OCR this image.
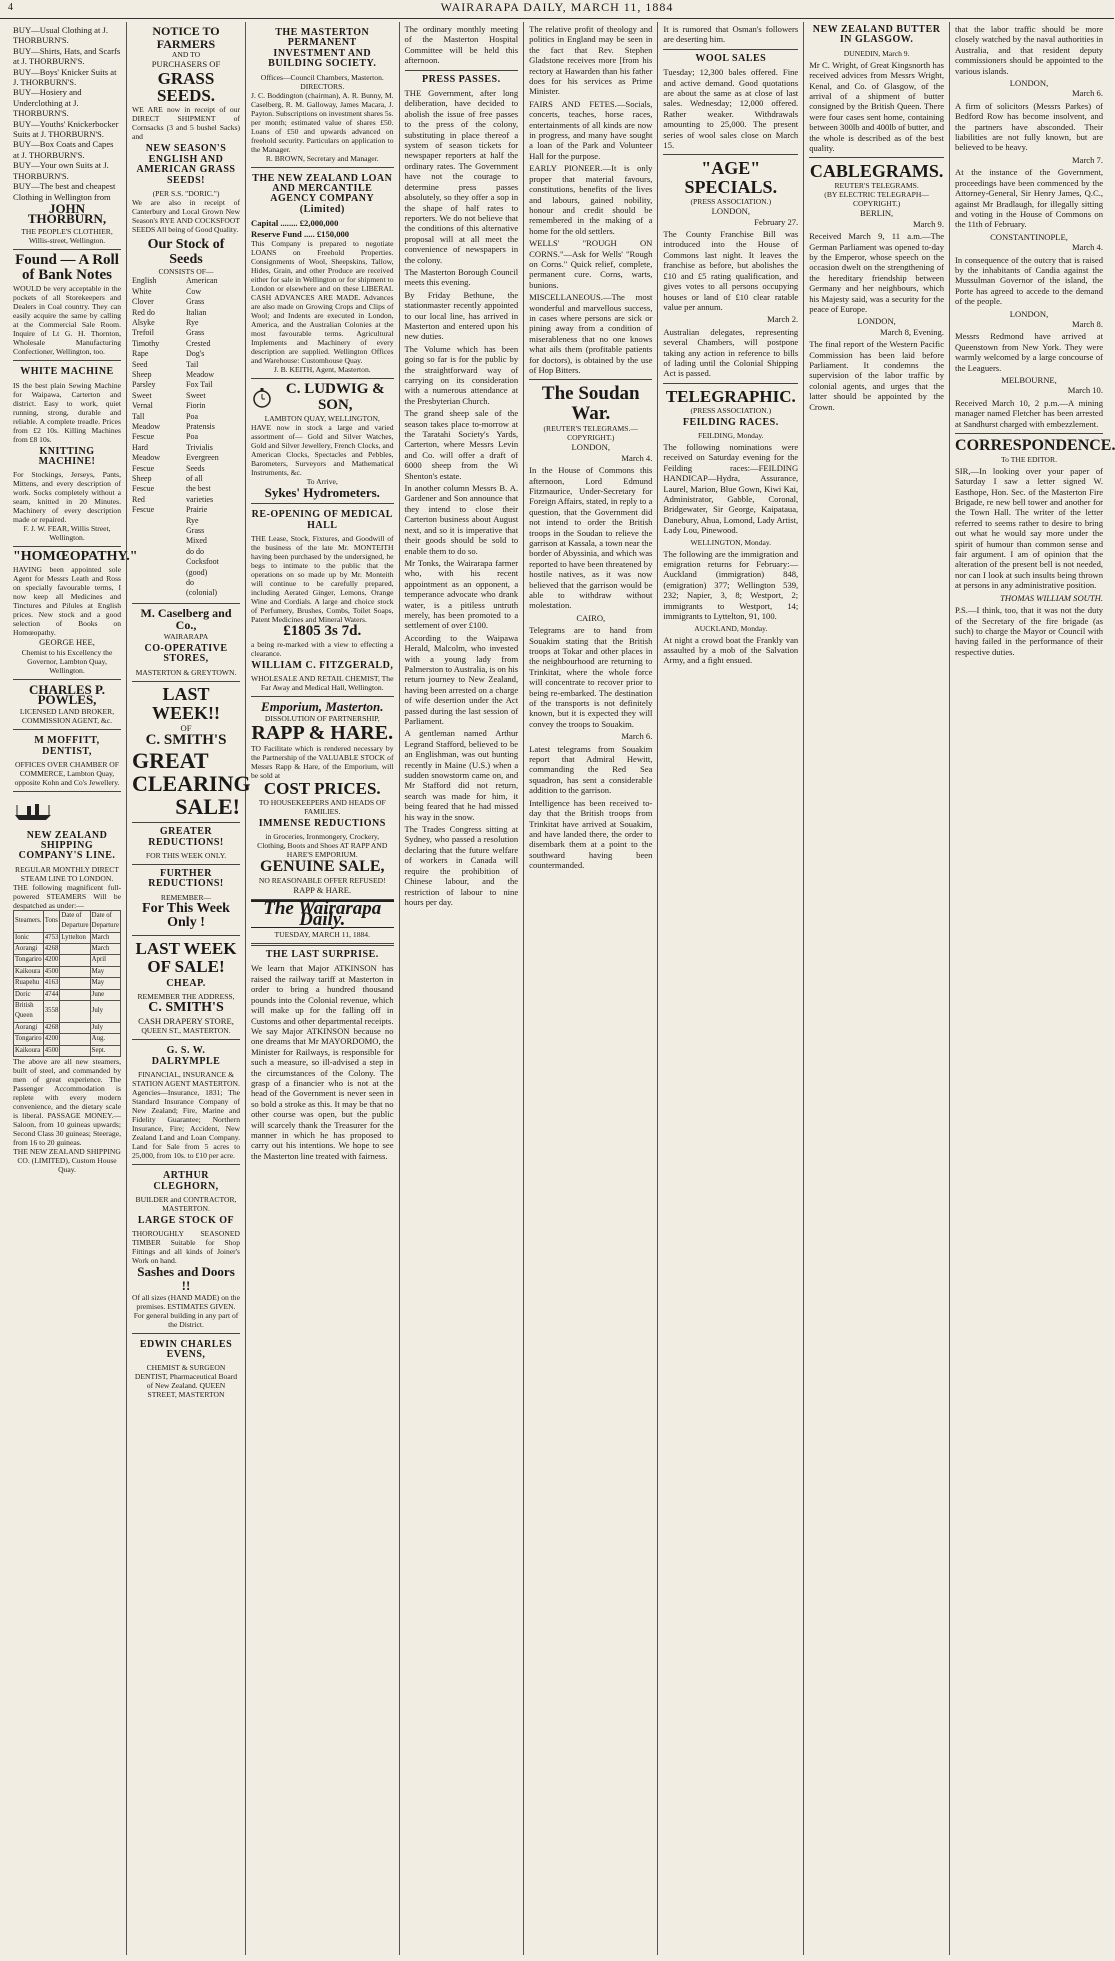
4	WAIRARAPA DAILY, MARCH 11, 1884
BUY—Usual Clothing at J. THORBURN'S.
BUY—Shirts, Hats, and Scarfs at J. THORBURN'S.
BUY—Boys' Knicker Suits at J. THORBURN'S.
BUY—Hosiery and Underclothing at J. THORBURN'S.
BUY—Youths' Knickerbocker Suits at J. THORBURN'S.
BUY—Box Coats and Capes at J. THORBURN'S.
BUY—Your own Suits at J. THORBURN'S.
BUY—The best and cheapest Clothing in Wellington from
JOHN THORBURN,
THE PEOPLE'S CLOTHIER,
Willis-street, Wellington.
Found — A Roll of Bank Notes
WOULD be very acceptable in the pockets of all Storekeepers and Dealers in Coal country. They can easily acquire the same by calling at the Commercial Sale Room. Inquire of Lt G. H. Thornton, Wholesale Manufacturing Confectioner, Wellington, too.
WHITE MACHINE
IS the best plain Sewing Machine for Waipawa, Carterton and district. Easy to work, quiet running, strong, durable and reliable. A complete treadle. Prices from £2 10s. Killing Machines from £8 10s.
KNITTING MACHINE!
For Stockings, Jerseys, Pants, Mittens, and every description of work. Socks completely without a seam, knitted in 20 Minutes. Machinery of every description made or repaired.
F. J. W. FEAR, Willis Street, Wellington.
"HOMŒOPATHY."
HAVING been appointed sole Agent for Messrs Leath and Ross on specially favourable terms, I now keep all Medicines and Tinctures and Pilules at English prices. New stock and a good selection of Books on Homœopathy.
GEORGE HEE,
Chemist to his Excellency the Governor, Lambton Quay, Wellington.
CHARLES P. POWLES,
LICENSED LAND BROKER, COMMISSION AGENT, &c.
M MOFFITT, DENTIST,
OFFICES OVER CHAMBER OF COMMERCE, Lambton Quay, opposite Kohn and Co's Jewellery.
NEW ZEALAND SHIPPING COMPANY'S LINE.
REGULAR MONTHLY DIRECT STEAM LINE TO LONDON.
THE following magnificent full-powered STEAMERS Will be despatched as under:—
Steamers.	Tons	Date of Departure	Date of Departure
Ionic	4753	Lyttelton	March
Aorangi	4268		March
Tongariro	4200		April
Kaikoura	4500		May
Ruapehu	4163		May
Doric	4744		June
British Queen	3558		July
Aorangi	4268		July
Tongariro	4200		Aug.
Kaikoura	4500		Sept.
The above are all new steamers, built of steel, and commanded by men of great experience. The Passenger Accommodation is replete with every modern convenience, and the dietary scale is liberal. PASSAGE MONEY.—Saloon, from 10 guineas upwards; Second Class 30 guineas; Steerage, from 16 to 20 guineas.
THE NEW ZEALAND SHIPPING CO. (LIMITED), Custom House Quay.
NOTICE TO FARMERS
AND TO
PURCHASERS OF
GRASS SEEDS.
WE ARE now in receipt of our DIRECT SHIPMENT of Cornsacks (3 and 5 bushel Sacks) and
NEW SEASON'S ENGLISH AND AMERICAN GRASS SEEDS!
(PER S.S. "DORIC.")
We are also in receipt of Canterbury and Local Grown New Season's RYE AND COCKSFOOT SEEDS All being of Good Quality.
Our Stock of Seeds
CONSISTS OF—
English White Clover
Red do
Alsyke
Trefoil
Timothy
Rape Seed
Sheep Parsley
Sweet Vernal
Tall Meadow Fescue
Hard Meadow Fescue
Sheep Fescue
Red Fescue
American Cow Grass
Italian Rye Grass
Crested Dog's Tail
Meadow Fox Tail
Sweet Fiorin
Poa Pratensis
Poa Trivialis
Evergreen Seeds of all the best varieties
Prairie Rye Grass
Mixed do do
Cocksfoot (good)
do (colonial)
M. Caselberg and Co.,
WAIRARAPA
CO-OPERATIVE STORES,
MASTERTON & GREYTOWN.
LAST WEEK!!
OF
C. SMITH'S
GREAT
CLEARING
SALE!
GREATER REDUCTIONS!
FOR THIS WEEK ONLY.
FURTHER REDUCTIONS!
REMEMBER—
For This Week Only !
LAST WEEK
OF SALE!
CHEAP.
REMEMBER THE ADDRESS,
C. SMITH'S
CASH DRAPERY STORE,
QUEEN ST., MASTERTON.
G. S. W. DALRYMPLE
FINANCIAL, INSURANCE & STATION AGENT MASTERTON.
Agencies—Insurance, 1831; The Standard Insurance Company of New Zealand; Fire, Marine and Fidelity Guarantee; Northern Insurance, Fire; Accident, New Zealand Land and Loan Company. Land for Sale from 5 acres to 25,000, from 10s. to £10 per acre.
ARTHUR CLEGHORN,
BUILDER and CONTRACTOR, MASTERTON.
LARGE STOCK OF
THOROUGHLY SEASONED TIMBER Suitable for Shop Fittings and all kinds of Joiner's Work on hand.
Sashes and Doors !!
Of all sizes (HAND MADE) on the premises. ESTIMATES GIVEN.
For general building in any part of the District.
EDWIN CHARLES EVENS,
CHEMIST & SURGEON DENTIST, Pharmaceutical Board of New Zealand. QUEEN STREET, MASTERTON
THE MASTERTON PERMANENT INVESTMENT AND BUILDING SOCIETY.
Offices—Council Chambers, Masterton.
DIRECTORS.
J. C. Boddington (chairman), A. R. Bunny, M. Caselberg, R. M. Galloway, James Macara, J. Payton. Subscriptions on investment shares 5s. per month; estimated value of shares £50. Loans of £50 and upwards advanced on freehold security. Particulars on application to the Manager.
R. BROWN, Secretary and Manager.
THE NEW ZEALAND LOAN AND MERCANTILE AGENCY COMPANY (Limited)
Capital ........ £2,000,000
Reserve Fund ..... £150,000
This Company is prepared to negotiate LOANS on Freehold Properties. Consignments of Wool, Sheepskins, Tallow, Hides, Grain, and other Produce are received either for sale in Wellington or for shipment to London or elsewhere and on these LIBERAL CASH ADVANCES ARE MADE. Advances are also made on Growing Crops and Clips of Wool; and Indents are executed in London, America, and the Australian Colonies at the most favourable terms. Agricultural Implements and Machinery of every description are supplied. Wellington Offices and Warehouse: Customhouse Quay.
J. B. KEITH, Agent, Masterton.
C. LUDWIG & SON,
LAMBTON QUAY, WELLINGTON,
HAVE now in stock a large and varied assortment of— Gold and Silver Watches, Gold and Silver Jewellery, French Clocks, and American Clocks, Spectacles and Pebbles, Barometers, Surveyors and Mathematical Instruments, &c.
To Arrive,
Sykes' Hydrometers.
RE-OPENING OF MEDICAL HALL
THE Lease, Stock, Fixtures, and Goodwill of the business of the late Mr. MONTEITH having been purchased by the undersigned, he begs to intimate to the public that the operations on so made up by Mr. Monteith will continue to be carefully prepared, including Aerated Ginger, Lemons, Orange Wine and Cordials. A large and choice stock of Perfumery, Brushes, Combs, Toilet Soaps, Patent Medicines and Mineral Waters.
£1805 3s 7d.
a being re-marked with a view to effecting a clearance.
WILLIAM C. FITZGERALD,
WHOLESALE AND RETAIL CHEMIST, The Far Away and Medical Hall, Wellington.
Emporium, Masterton.
DISSOLUTION OF PARTNERSHIP,
RAPP & HARE.
TO Facilitate which is rendered necessary by the Partnership of the VALUABLE STOCK of Messrs Rapp & Hare, of the Emporium, will be sold at
COST PRICES.
TO HOUSEKEEPERS AND HEADS OF FAMILIES.
IMMENSE REDUCTIONS
in Groceries, Ironmongery, Crockery, Clothing, Boots and Shoes AT RAPP AND HARE'S EMPORIUM.
GENUINE SALE,
NO REASONABLE OFFER REFUSED!
RAPP & HARE.
The Wairarapa Daily.
TUESDAY, MARCH 11, 1884.
THE LAST SURPRISE.
We learn that Major ATKINSON has raised the railway tariff at Masterton in order to bring a hundred thousand pounds into the Colonial revenue, which will make up for the falling off in Customs and other departmental receipts. We say Major ATKINSON because no one dreams that Mr MAYORDOMO, the Minister for Railways, is responsible for such a measure, so ill-advised a step in the circumstances of the Colony. The grasp of a financier who is not at the head of the Government is never seen in so bold a stroke as this. It may be that no other course was open, but the public will scarcely thank the Treasurer for the manner in which he has proposed to carry out his intentions. We hope to see the Masterton line treated with fairness.

The ordinary monthly meeting of the Masterton Hospital Committee will be held this afternoon.

PRESS PASSES.

THE Government, after long deliberation, have decided to abolish the issue of free passes to the press of the colony, substituting in place thereof a system of season tickets for newspaper reporters at half the ordinary rates. The Government have not the courage to determine press passes absolutely, so they offer a sop in the shape of half rates to reporters. We do not believe that the conditions of this alternative proposal will at all meet the convenience of newspapers in the colony.

The Masterton Borough Council meets this evening.

By Friday Bethune, the stationmaster recently appointed to our local line, has arrived in Masterton and entered upon his new duties.

The Volume which has been going so far is for the public by the straightforward way of carrying on its consideration with a numerous attendance at the Presbyterian Church.

The grand sheep sale of the season takes place to-morrow at the Taratahi Society's Yards, Carterton, where Messrs Levin and Co. will offer a draft of 6000 sheep from the Wi Shenton's estate.

In another column Messrs B. A. Gardener and Son announce that they intend to close their Carterton business about August next, and so it is imperative that their goods should be sold to enable them to do so.

Mr Tonks, the Wairarapa farmer who, with his recent appointment as an opponent, a temperance advocate who drank water, is a pitiless untruth merely, has been promoted to a settlement of over £100.

According to the Waipawa Herald, Malcolm, who invested with a young lady from Palmerston to Australia, is on his return journey to New Zealand, having been arrested on a charge of wife desertion under the Act passed during the last session of Parliament.

A gentleman named Arthur Legrand Stafford, believed to be an Englishman, was out hunting recently in Maine (U.S.) when a sudden snowstorm came on, and Mr Stafford did not return, search was made for him, it being feared that he had missed his way in the snow.

The Trades Congress sitting at Sydney, who passed a resolution declaring that the future welfare of workers in Canada will require the prohibition of Chinese labour, and the restriction of labour to nine hours per day.

The relative profit of theology and politics in England may be seen in the fact that Rev. Stephen Gladstone receives more [from his rectory at Hawarden than his father does for his services as Prime Minister.

FAIRS AND FETES.—Socials, concerts, teaches, horse races, entertainments of all kinds are now in progress, and many have sought a loan of the Park and Volunteer Hall for the purpose.

EARLY PIONEER.—It is only proper that material favours, constitutions, benefits of the lives and labours, gained nobility, honour and credit should be remembered in the making of a home for the old settlers.

WELLS' "ROUGH ON CORNS."—Ask for Wells' "Rough on Corns." Quick relief, complete, permanent cure. Corns, warts, bunions.

MISCELLANEOUS.—The most wonderful and marvellous success, in cases where persons are sick or pining away from a condition of miserableness that no one knows what ails them (profitable patients for doctors), is obtained by the use of Hop Bitters.

The Soudan War.
(REUTER'S TELEGRAMS.—COPYRIGHT.)
LONDON,
March 4.

In the House of Commons this afternoon, Lord Edmund Fitzmaurice, Under-Secretary for Foreign Affairs, stated, in reply to a question, that the Government did not intend to order the British troops in the Soudan to relieve the garrison at Kassala, a town near the border of Abyssinia, and which was reported to have been threatened by hostile natives, as it was now believed that the garrison would be able to withdraw without molestation.

CAIRO,

Telegrams are to hand from Souakim stating that the British troops at Tokar and other places in the neighbourhood are returning to Trinkitat, where the whole force will concentrate to recover prior to being re-embarked. The destination of the transports is not definitely known, but it is expected they will convey the troops to Souakim.

March 6.

Latest telegrams from Souakim report that Admiral Hewitt, commanding the Red Sea squadron, has sent a considerable addition to the garrison.

Intelligence has been received to-day that the British troops from Trinkitat have arrived at Souakim, and have landed there, the order to disembark them at a point to the southward having been countermanded.

It is rumored that Osman's followers are deserting him.

WOOL SALES

Tuesday; 12,300 bales offered. Fine and active demand. Good quotations are about the same as at close of last sales. Wednesday; 12,000 offered. Rather weaker. Withdrawals amounting to 25,000. The present series of wool sales close on March 15.

"AGE" SPECIALS.
(PRESS ASSOCIATION.)
LONDON,
February 27.

The County Franchise Bill was introduced into the House of Commons last night. It leaves the franchise as before, but abolishes the £10 and £5 rating qualification, and gives votes to all persons occupying houses or land of £10 clear ratable value per annum.

March 2.

Australian delegates, representing several Chambers, will postpone taking any action in reference to bills of lading until the Colonial Shipping Act is passed.

TELEGRAPHIC.
(PRESS ASSOCIATION.)
FEILDING RACES.
FEILDING, Monday.

The following nominations were received on Saturday evening for the Feilding races:—FEILDING HANDICAP—Hydra, Assurance, Laurel, Marion, Blue Gown, Kiwi Kai, Administrator, Gabble, Coronal, Bridgewater, Sir George, Kaipataua, Danebury, Ahua, Lomond, Lady Artist, Lady Lou, Pinewood.

WELLINGTON, Monday.

The following are the immigration and emigration returns for February:—Auckland (immigration) 848, (emigration) 377; Wellington 539, 232; Napier, 3, 8; Westport, 2; immigrants to Westport, 14; immigrants to Lyttelton, 91, 100.

AUCKLAND, Monday.

At night a crowd boat the Frankly van assaulted by a mob of the Salvation Army, and a fight ensued.

NEW ZEALAND BUTTER IN GLASGOW.
DUNEDIN, March 9.

Mr C. Wright, of Great Kingsnorth has received advices from Messrs Wright, Kenal, and Co. of Glasgow, of the arrival of a shipment of butter consigned by the British Queen. There were four cases sent home, containing between 300lb and 400lb of butter, and the whole is described as of the best quality.

CABLEGRAMS.
REUTER'S TELEGRAMS.
(BY ELECTRIC TELEGRAPH—COPYRIGHT.)
BERLIN,
March 9.

Received March 9, 11 a.m.—The German Parliament was opened to-day by the Emperor, whose speech on the occasion dwelt on the strengthening of the hereditary friendship between Germany and her neighbours, which his Majesty said, was a security for the peace of Europe.

LONDON,
March 8, Evening.

The final report of the Western Pacific Commission has been laid before Parliament. It condemns the supervision of the labor traffic by colonial agents, and urges that the latter should be appointed by the Crown.

that the labor traffic should be more closely watched by the naval authorities in Australia, and that resident deputy commissioners should be appointed to the various islands.

LONDON,
March 6.

A firm of solicitors (Messrs Parkes) of Bedford Row has become insolvent, and the partners have absconded. Their liabilities are not fully known, but are believed to be heavy.

March 7.

At the instance of the Government, proceedings have been commenced by the Attorney-General, Sir Henry James, Q.C., against Mr Bradlaugh, for illegally sitting and voting in the House of Commons on the 11th of February.

CONSTANTINOPLE,
March 4.

In consequence of the outcry that is raised by the inhabitants of Candia against the Mussulman Governor of the island, the Porte has agreed to accede to the demand of the people.

LONDON,
March 8.

Messrs Redmond have arrived at Queenstown from New York. They were warmly welcomed by a large concourse of the Leaguers.

MELBOURNE,
March 10.

Received March 10, 2 p.m.—A mining manager named Fletcher has been arrested at Sandhurst charged with embezzlement.

CORRESPONDENCE.
To THE EDITOR.

SIR,—In looking over your paper of Saturday I saw a letter signed W. Easthope, Hon. Sec. of the Masterton Fire Brigade, re new bell tower and another for the Town Hall. The writer of the letter referred to seems rather to desire to bring out what he would say more under the spirit of humour than common sense and fair argument. I am of opinion that the alteration of the present bell is not needed, nor can I look at such insults being thrown at persons in any administrative position.

THOMAS WILLIAM SOUTH.

P.S.—I think, too, that it was not the duty of the Secretary of the fire brigade (as such) to charge the Mayor or Council with having failed in the performance of their respective duties.
